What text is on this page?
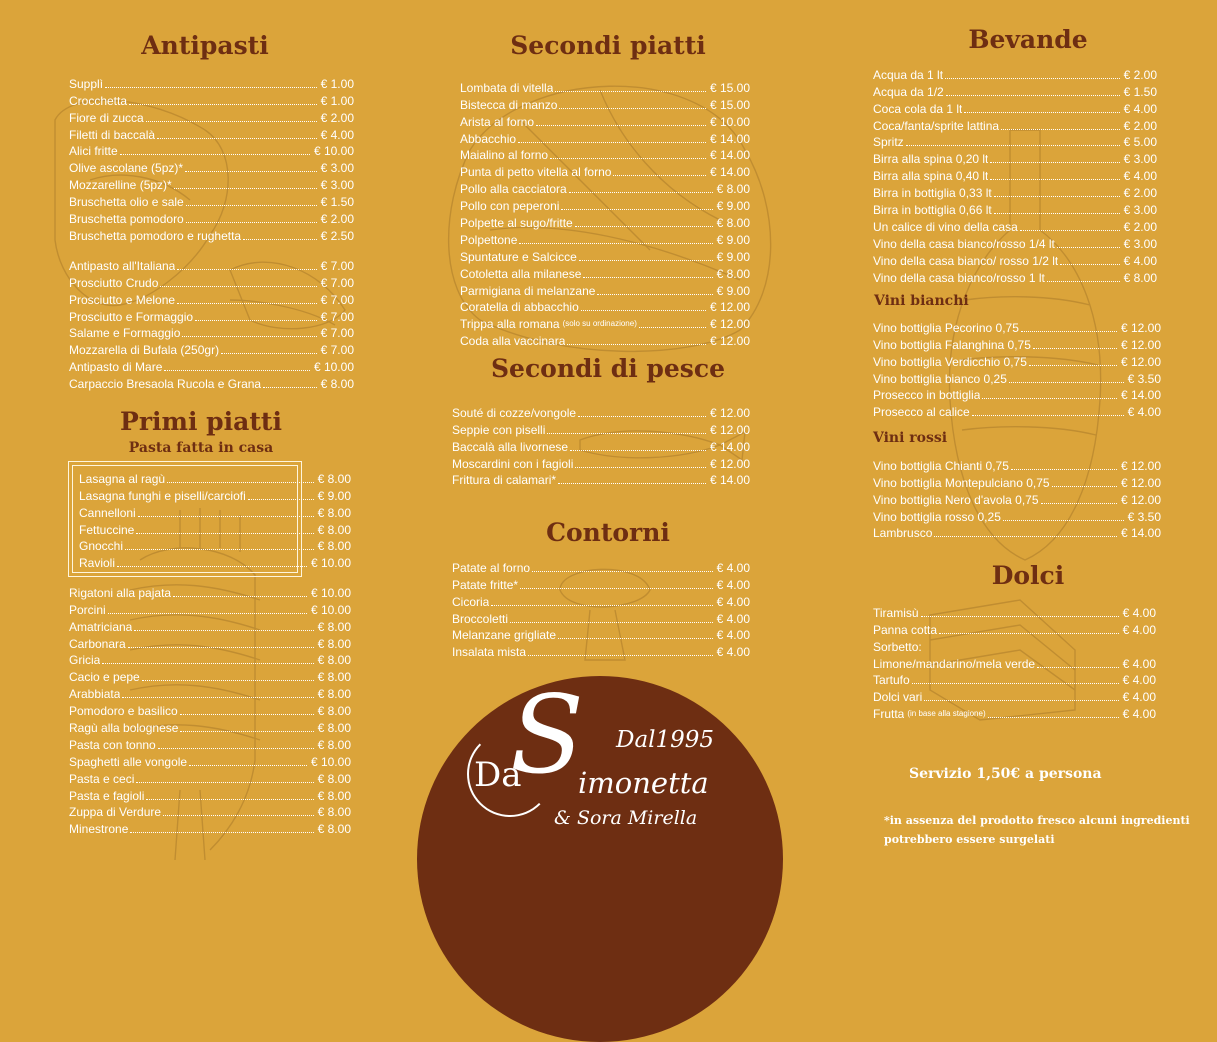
Antipasti
Supplì	€ 1.00
Crocchetta	€ 1.00
Fiore di zucca	€ 2.00
Filetti di baccalà	€ 4.00
Alici fritte	€ 10.00
Olive ascolane (5pz)*	€ 3.00
Mozzarelline (5pz)*	€ 3.00
Bruschetta olio e sale	€ 1.50
Bruschetta pomodoro	€ 2.00
Bruschetta pomodoro e rughetta	€ 2.50
Antipasto all'Italiana	€ 7.00
Prosciutto Crudo	€ 7.00
Prosciutto e Melone	€ 7.00
Prosciutto e Formaggio	€ 7.00
Salame e Formaggio	€ 7.00
Mozzarella di Bufala (250gr)	€ 7.00
Antipasto di Mare	€ 10.00
Carpaccio Bresaola Rucola e Grana	€ 8.00
Primi piatti
Pasta fatta in casa
Lasagna al ragù	€ 8.00
Lasagna funghi e piselli/carciofi	€ 9.00
Cannelloni	€ 8.00
Fettuccine	€ 8.00
Gnocchi	€ 8.00
Ravioli	€ 10.00
Rigatoni alla pajata	€ 10.00
Porcini	€ 10.00
Amatriciana	€ 8.00
Carbonara	€ 8.00
Gricia	€ 8.00
Cacio e pepe	€ 8.00
Arabbiata	€ 8.00
Pomodoro e basilico	€ 8.00
Ragù alla bolognese	€ 8.00
Pasta con tonno	€ 8.00
Spaghetti alle vongole	€ 10.00
Pasta e ceci	€ 8.00
Pasta e fagioli	€ 8.00
Zuppa di Verdure	€ 8.00
Minestrone	€ 8.00
Secondi piatti
Lombata di vitella	€ 15.00
Bistecca di manzo	€ 15.00
Arista al forno	€ 10.00
Abbacchio	€ 14.00
Maialino al forno	€ 14.00
Punta di petto vitella al forno	€ 14.00
Pollo alla cacciatora	€ 8.00
Pollo con peperoni	€ 9.00
Polpette al sugo/fritte	€ 8.00
Polpettone	€ 9.00
Spuntature e Salcicce	€ 9.00
Cotoletta alla milanese	€ 8.00
Parmigiana di melanzane	€ 9.00
Coratella di abbacchio	€ 12.00
Trippa alla romana (solo su ordinazione)	€ 12.00
Coda alla vaccinara	€ 12.00
Secondi di pesce
Souté di cozze/vongole	€ 12.00
Seppie con piselli	€ 12.00
Baccalà alla livornese	€ 14.00
Moscardini con i fagioli	€ 12.00
Frittura di calamari*	€ 14.00
Contorni
Patate al forno	€ 4.00
Patate fritte*	€ 4.00
Cicoria	€ 4.00
Broccoletti	€ 4.00
Melanzane grigliate	€ 4.00
Insalata mista	€ 4.00
S
Da imonetta
Dal1995
& Sora Mirella
Bevande
Acqua da 1 lt	€ 2.00
Acqua da 1/2	€ 1.50
Coca cola da 1 lt	€ 4.00
Coca/fanta/sprite lattina	€ 2.00
Spritz	€ 5.00
Birra alla spina 0,20 lt	€ 3.00
Birra alla spina 0,40 lt	€ 4.00
Birra in bottiglia 0,33 lt	€ 2.00
Birra in bottiglia 0,66 lt	€ 3.00
Un calice di vino della casa	€ 2.00
Vino della casa bianco/rosso 1/4 lt	€ 3.00
Vino della casa bianco/ rosso 1/2 lt	€ 4.00
Vino della casa bianco/rosso 1 lt	€ 8.00
Vini bianchi
Vino bottiglia Pecorino 0,75	€ 12.00
Vino bottiglia Falanghina 0,75	€ 12.00
Vino bottiglia Verdicchio 0,75	€ 12.00
Vino bottiglia bianco 0,25	€ 3.50
Prosecco in bottiglia	€ 14.00
Prosecco al calice	€ 4.00
Vini rossi
Vino bottiglia Chianti 0,75	€ 12.00
Vino bottiglia Montepulciano 0,75	€ 12.00
Vino bottiglia Nero d'avola 0,75	€ 12.00
Vino bottiglia rosso 0,25	€ 3.50
Lambrusco	€ 14.00
Dolci
Tiramisù	€ 4.00
Panna cotta	€ 4.00
Sorbetto:
Limone/mandarino/mela verde	€ 4.00
Tartufo	€ 4.00
Dolci vari	€ 4.00
Frutta (in base alla stagione)	€ 4.00
Servizio 1,50€ a persona
*in assenza del prodotto fresco alcuni ingredienti
potrebbero essere surgelati
